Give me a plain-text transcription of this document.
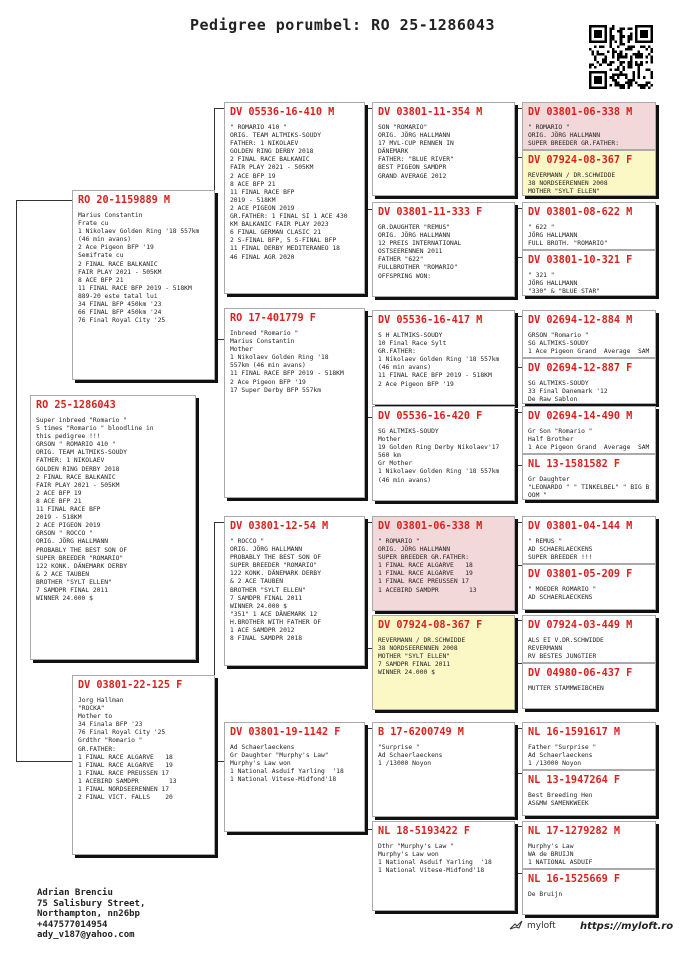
Pedigree porumbel: RO 25-1286043
RO 25-1286043
Super inbreed "Romario "
5 times "Romario " bloodline in
this pedigree !!!
GRSON " ROMARIO 410 "
ORIG. TEAM ALTMIKS-SOUDY
FATHER: 1 NIKOLAEV
GOLDEN RING DERBY 2018
2 FINAL RACE BALKANIC
FAIR PLAY 2021 - 505KM
2 ACE BFP 19
8 ACE BFP 21
11 FINAL RACE BFP
2019 - 518KM
2 ACE PIGEON 2019
GRSON " ROCCO "
ORIG. JÖRG HALLMANN
PROBABLY THE BEST SON OF
SUPER BREEDER "ROMARIO"
122 KONK. DÄNEMARK DERBY
& 2 ACE TAUBEN
BROTHER "SYLT ELLEN"
7 SAMDPR FINAL 2011
WINNER 24.000 $
RO 20-1159889 M
Marius Constantin
Frate cu
1 Nikolaev Golden Ring '18 557km
(46 min avans)
2 Ace Pigeon BFP '19
Semifrate cu
2 FINAL RACE BALKANIC
FAIR PLAY 2021 - 505KM
8 ACE BFP 21
11 FINAL RACE BFP 2019 - 518KM
889-20 este tatal lui
34 FINAL BFP 450km '23
66 FINAL BFP 450km '24
76 Final Royal City '25
DV 03801-22-125 F
Jorg Hallman
"ROCKA"
Mother to
34 Finala BFP '23
76 Final Royal City '25
Grdthr "Romario "
GR.FATHER:
1 FINAL RACE ALGARVE   18
1 FINAL RACE ALGARVE   19
1 FINAL RACE PREUSSEN 17
1 ACEBIRD SAMDPR        13
1 FINAL NORDSEERENNEN 17
2 FINAL VICT. FALLS    20
DV 05536-16-410 M
" ROMARIO 410 "
ORIG. TEAM ALTMIKS-SOUDY
FATHER: 1 NIKOLAEV
GOLDEN RING DERBY 2018
2 FINAL RACE BALKANIC
FAIR PLAY 2021 - 505KM
2 ACE BFP 19
8 ACE BFP 21
11 FINAL RACE BFP
2019 - 518KM
2 ACE PIGEON 2019
GR.FATHER: 1 FINAL SI 1 ACE 430
KM BALKANIC FAIR PLAY 2023
6 FINAL GERMAN CLASIC 21
2 S-FINAL BFP, 5 S-FINAL BFP
11 FINAL DERBY MEDITERANEO 18
46 FINAL AGR 2020
RO 17-401779 F
Inbreed "Romario "
Marius Constantin
Mother
1 Nikolaev Golden Ring '18
557km (46 min avans)
11 FINAL RACE BFP 2019 - 518KM
2 Ace Pigeon BFP '19
17 Super Derby BFP 557km
DV 03801-12-54 M
" ROCCO "
ORIG. JÖRG HALLMANN
PROBABLY THE BEST SON OF
SUPER BREEDER "ROMARIO"
122 KONK. DÄNEMARK DERBY
& 2 ACE TAUBEN
BROTHER "SYLT ELLEN"
7 SAMDPR FINAL 2011
WINNER 24.000 $
"351" 1 ACE DÄNEMARK 12
H.BROTHER WITH FATHER OF
1 ACE SAMDPR 2012
8 FINAL SAMDPR 2018
DV 03801-19-1142 F
Ad Schaerlaeckens
Gr Daughter "Murphy's Law"
Murphy's Law won
1 National Asduif Yarling  '18
1 National Vitese-Midfond'18
DV 03801-11-354 M
SON "ROMARIO"
ORIG. JÖRG HALLMANN
17 MVL-CUP RENNEN IN
DÄNEMARK
FATHER: "BLUE RIVER"
BEST PIGEON SAMDPR
GRAND AVERAGE 2012
DV 03801-11-333 F
GR.DAUGHTER "REMUS"
ORIG. JÖRG HALLMANN
12 PREIS INTERNATIONAL
OSTSEERENNEN 2011
FATHER "622"
FULLBROTHER "ROMARIO"
OFFSPRING WON:
DV 05536-16-417 M
S H ALTMIKS-SOUDY
10 Final Race Sylt
GR.FATHER:
1 Nikolaev Golden Ring '18 557km
(46 min avans)
11 FINAL RACE BFP 2019 - 518KM
2 Ace Pigeon BFP '19
DV 05536-16-420 F
SG ALTMIKS-SOUDY
Mother
19 Golden Ring Derby Nikolaev'17
560 km
Gr Mother
1 Nikolaev Golden Ring '18 557km
(46 min avans)
DV 03801-06-338 M
" ROMARIO "
ORIG. JÖRG HALLMANN
SUPER BREEDER GR.FATHER:
1 FINAL RACE ALGARVE   18
1 FINAL RACE ALGARVE   19
1 FINAL RACE PREUSSEN 17
1 ACEBIRD SAMDPR        13
DV 07924-08-367 F
REVERMANN / DR.SCHWIDDE
38 NORDSEERENNEN 2008
MOTHER "SYLT ELLEN"
7 SAMDPR FINAL 2011
WINNER 24.000 $
B 17-6200749 M
"Surprise "
Ad Schaerlaeckens
1 /13000 Noyon
NL 18-5193422 F
Dthr "Murphy's Law "
Murphy's Law won
1 National Asduif Yarling  '18
1 National Vitese-Midfond'18
DV 03801-06-338 M
" ROMARIO "
ORIG. JÖRG HALLMANN
SUPER BREEDER GR.FATHER:
DV 07924-08-367 F
REVERMANN / DR.SCHWIDDE
38 NORDSEERENNEN 2008
MOTHER "SYLT ELLEN"
DV 03801-08-622 M
" 622 "
JÖRG HALLMANN
FULL BROTH. "ROMARIO"
DV 03801-10-321 F
" 321 "
JÖRG HALLMANN
"330" & "BLUE STAR"
DV 02694-12-884 M
GRSON "Romario "
SG ALTMIKS-SOUDY
1 Ace Pigeon Grand  Average  SAM
DV 02694-12-887 F
SG ALTMIKS-SOUDY
33 Final Danemark '12
De Raw Sablon
DV 02694-14-490 M
Gr Son "Romario "
Half Brother
1 Ace Pigeon Grand  Average  SAM
NL 13-1581582 F
Gr Daughter
"LEONARDO " " TINKELBEL" " BIG B
OOM "
DV 03801-04-144 M
" REMUS "
AD SCHAERLAECKENS
SUPER BREEDER !!!
DV 03801-05-209 F
" MOEDER ROMARIO "
AD SCHAERLAECKENS
DV 07924-03-449 M
ALS EI V.DR.SCHWIDDE
REVERMANN
RV BESTES JUNGTIER
DV 04980-06-437 F
MUTTER STAMMWEIBCHEN
NL 16-1591617 M
Father "Surprise "
Ad Schaerlaeckens
1 /13000 Noyon
NL 13-1947264 F
Best Breeding Hen
AS&MW SAMENKWEEK
NL 17-1279282 M
Murphy's Law
WA de BRUIJN
1 NATIONAL ASDUIF
NL 16-1525669 F
De Bruijn
Adrian Brenciu
75 Salisbury Street,
Northampton, nn26bp
+447577014954
ady_v187@yahoo.com
myloft https://myloft.ro
